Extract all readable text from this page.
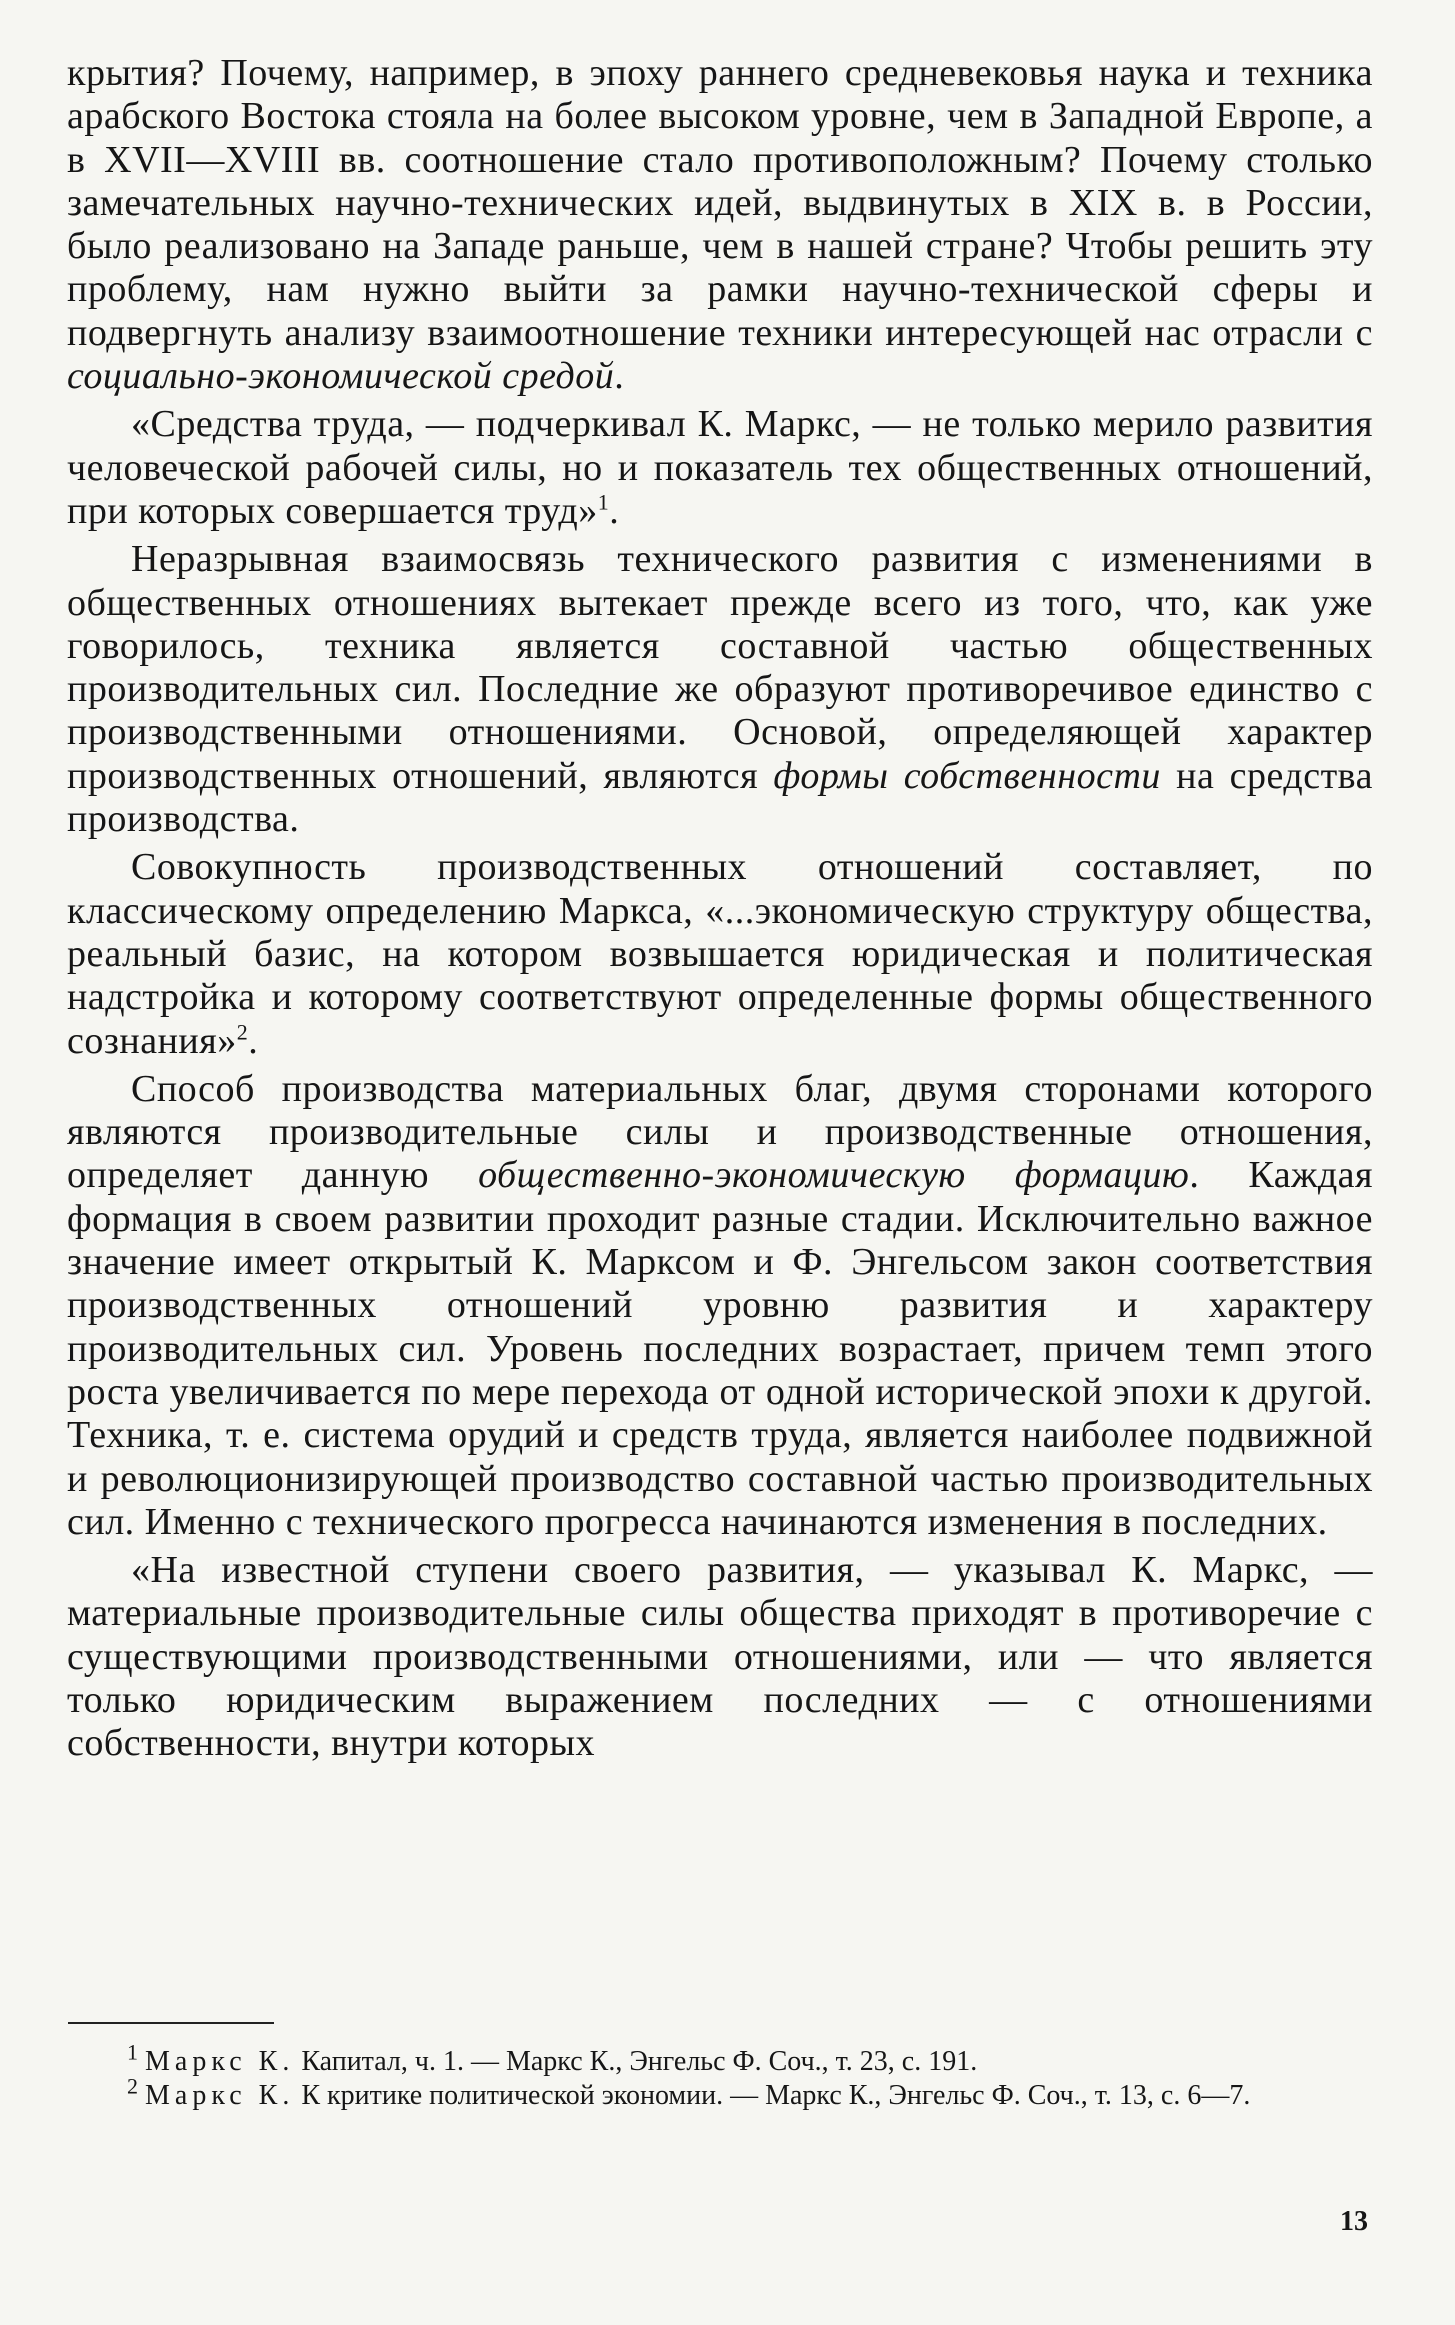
крытия? Почему, например, в эпоху раннего средневековья наука и техника арабского Востока стояла на более высоком уровне, чем в Западной Европе, а в XVII—XVIII вв. соотношение стало противоположным? Почему столько замечательных научно-технических идей, выдвинутых в XIX в. в России, было реализовано на Западе раньше, чем в нашей стране? Чтобы решить эту проблему, нам нужно выйти за рамки научно-технической сферы и подвергнуть анализу взаимоотношение техники интересующей нас отрасли с социально-экономической средой.

«Средства труда, — подчеркивал К. Маркс, — не только мерило развития человеческой рабочей силы, но и показатель тех общественных отношений, при которых совершается труд»$^1$.

Неразрывная взаимосвязь технического развития с изменениями в общественных отношениях вытекает прежде всего из того, что, как уже говорилось, техника является составной частью общественных производительных сил. Последние же образуют противоречивое единство с производственными отношениями. Основой, определяющей характер производственных отношений, являются формы собственности на средства производства.

Совокупность производственных отношений составляет, по классическому определению Маркса, «...экономическую структуру общества, реальный базис, на котором возвышается юридическая и политическая надстройка и которому соответствуют определенные формы общественного сознания»$^2$.

Способ производства материальных благ, двумя сторонами которого являются производительные силы и производственные отношения, определяет данную общественно-экономическую формацию. Каждая формация в своем развитии проходит разные стадии. Исключительно важное значение имеет открытый К. Марксом и Ф. Энгельсом закон соответствия производственных отношений уровню развития и характеру производительных сил. Уровень последних возрастает, причем темп этого роста увеличивается по мере перехода от одной исторической эпохи к другой. Техника, т. е. система орудий и средств труда, является наиболее подвижной и революционизирующей производство составной частью производительных сил. Именно с технического прогресса начинаются изменения в последних.

«На известной ступени своего развития, — указывал К. Маркс, — материальные производительные силы общества приходят в противоречие с существующими производственными отношениями, или — что является только юридическим выражением последних — с отношениями собственности, внутри которых

$^1$ Маркс К. Капитал, ч. 1. — Маркс К., Энгельс Ф. Соч., т. 23, с. 191.

$^2$ Маркс К. К критике политической экономии. — Маркс К., Энгельс Ф. Соч., т. 13, с. 6—7.

13
